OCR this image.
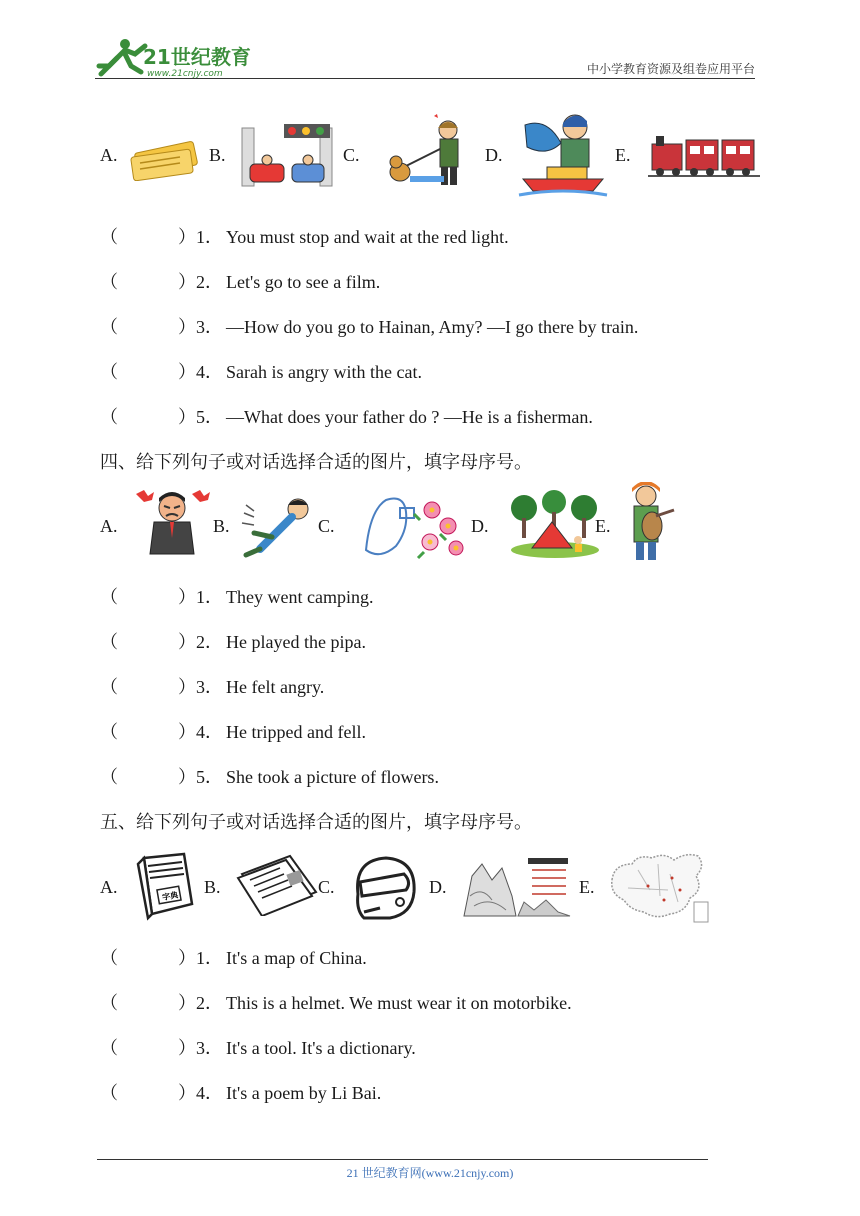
21世纪教育
www.21cnjy.com	中小学教育资源及组卷应用平台
A.	B.	C.	D.	E.
（	）1． You must stop and wait at the red light.
（	）2． Let's go to see a film.
（	）3． —How do you go to Hainan, Amy? —I go there by train.
（	）4． Sarah is angry with the cat.
（	）5． —What does your father do ? —He is a fisherman.
四、给下列句子或对话选择合适的图片，填字母序号。
A.	B.	C.	D.	E.
（	）1． They went camping.
（	）2． He played the pipa.
（	）3． He felt angry.
（	）4． He tripped and fell.
（	）5． She took a picture of flowers.
五、给下列句子或对话选择合适的图片，填字母序号。
A.	字典 B.	C.	D.	E.
（	）1． It's a map of China.
（	）2． This is a helmet. We must wear it on motorbike.
（	）3． It's a tool. It's a dictionary.
（	）4． It's a poem by Li Bai.
21 世纪教育网(www.21cnjy.com)
